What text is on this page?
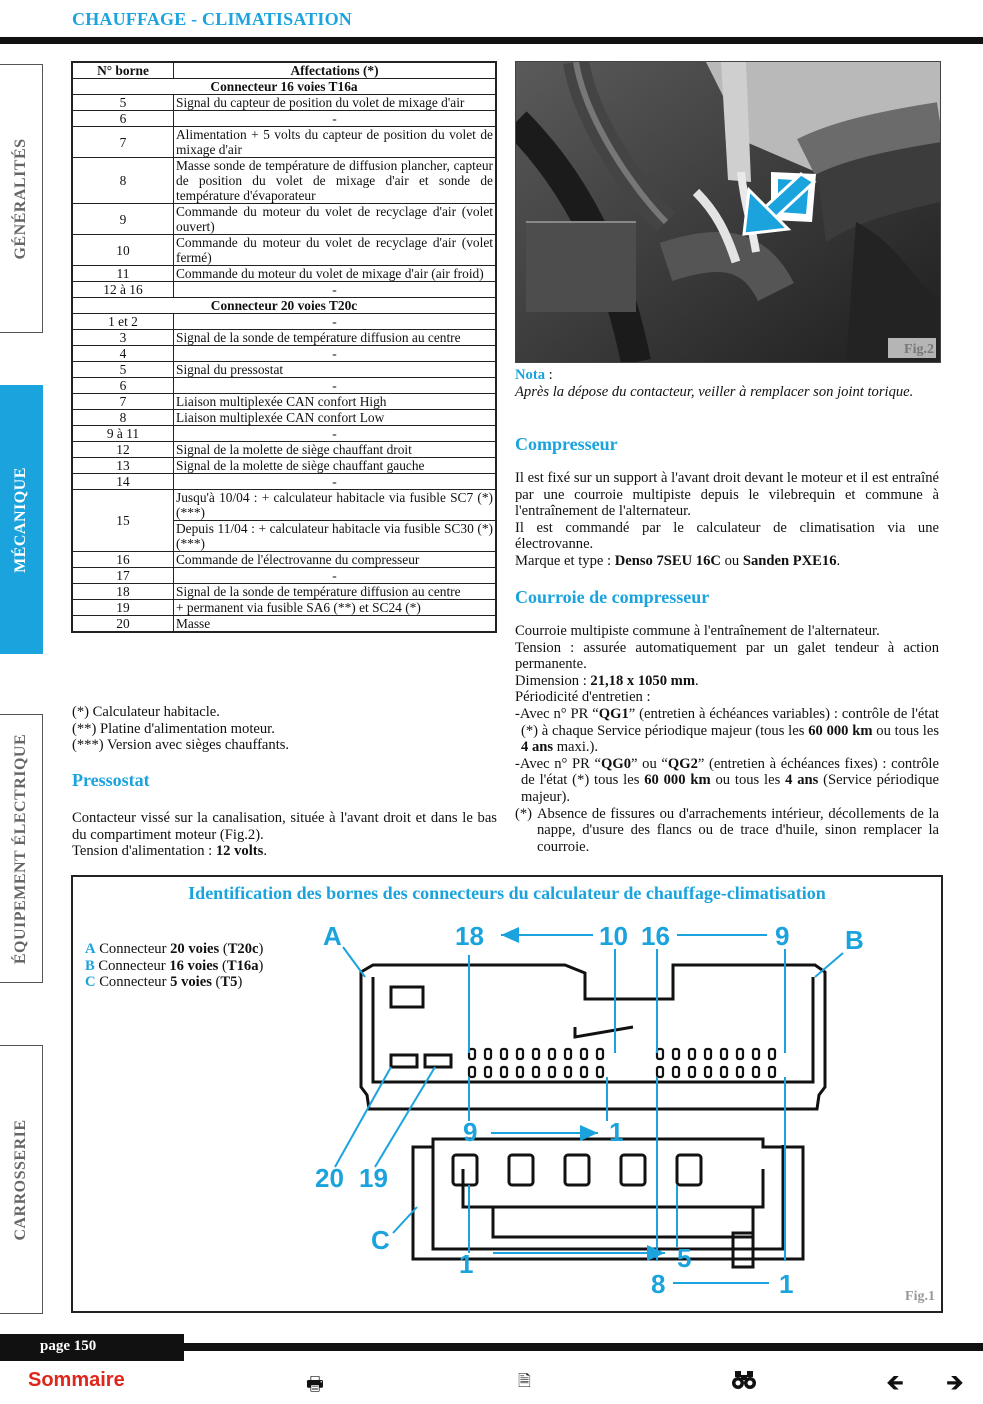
CHAUFFAGE - CLIMATISATION
GÉNÉRALITÉS
MÉCANIQUE
ÉQUIPEMENT ÉLECTRIQUE
CARROSSERIE
N° borne	Affectations (*)
Connecteur 16 voies T16a	
5	Signal du capteur de position du volet de mixage d'air
6	-
7	Alimentation + 5 volts du capteur de position du volet de mixage d'air
8	Masse sonde de température de diffusion plancher, capteur de position du volet de mixage d'air et sonde de température d'évaporateur
9	Commande du moteur du volet de recyclage d'air (volet ouvert)
10	Commande du moteur du volet de recyclage d'air (volet fermé)
11	Commande du moteur du volet de mixage d'air (air froid)
12 à 16	-
Connecteur 20 voies T20c	
1 et 2	-
3	Signal de la sonde de température diffusion au centre
4	-
5	Signal du pressostat
6	-
7	Liaison multiplexée CAN confort High
8	Liaison multiplexée CAN confort Low
9 à 11	-
12	Signal de la molette de siège chauffant droit
13	Signal de la molette de siège chauffant gauche
14	-
15	Jusqu'à 10/04 : + calculateur habitacle via fusible SC7 (*) (***)
	Depuis 11/04 : + calculateur habitacle via fusible SC30 (*) (***)
16	Commande de l'électrovanne du compresseur
17	-
18	Signal de la sonde de température diffusion au centre
19	+ permanent via fusible SA6 (**) et SC24 (*)
20	Masse
(*) Calculateur habitacle.
(**) Platine d'alimentation moteur.
(***) Version avec sièges chauffants.
Pressostat
Contacteur vissé sur la canalisation, située à l'avant droit et dans le bas du compartiment moteur (Fig.2).
Tension d'alimentation : 12 volts.
Fig.2
Nota :
Après la dépose du contacteur, veiller à remplacer son joint torique.
Compresseur
Il est fixé sur un support à l'avant droit devant le moteur et il est entraîné par une courroie multipiste depuis le vilebrequin et commune à l'entraînement de l'alternateur.
Il est commandé par le calculateur de climatisation via une électrovanne.
Marque et type : Denso 7SEU 16C ou Sanden PXE16.
Courroie de compresseur
Courroie multipiste commune à l'entraînement de l'alternateur.
Tension : assurée automatiquement par un galet tendeur à action permanente.
Dimension : 21,18 x 1050 mm.
Périodicité d'entretien :
-Avec n° PR “QG1” (entretien à échéances variables) : contrôle de l'état (*) à chaque Service périodique majeur (tous les 60 000 km ou tous les 4 ans maxi.).
-Avec n° PR “QG0” ou “QG2” (entretien à échéances fixes) : contrôle de l'état (*) tous les 60 000 km ou tous les 4 ans (Service périodique majeur).
(*) Absence de fissures ou d'arrachements intérieur, décollements de la nappe, d'usure des flancs ou de trace d'huile, sinon remplacer la courroie.
Identification des bornes des connecteurs du calculateur de chauffage-climatisation
A Connecteur 20 voies (T20c)
B Connecteur 16 voies (T16a)
C Connecteur 5 voies (T5)
A	B
C
18	10 16	9
9	1
20 19
1	5
8	1	Fig.1
page 150
Sommaire	🖶	🗎	🡸 🡺
